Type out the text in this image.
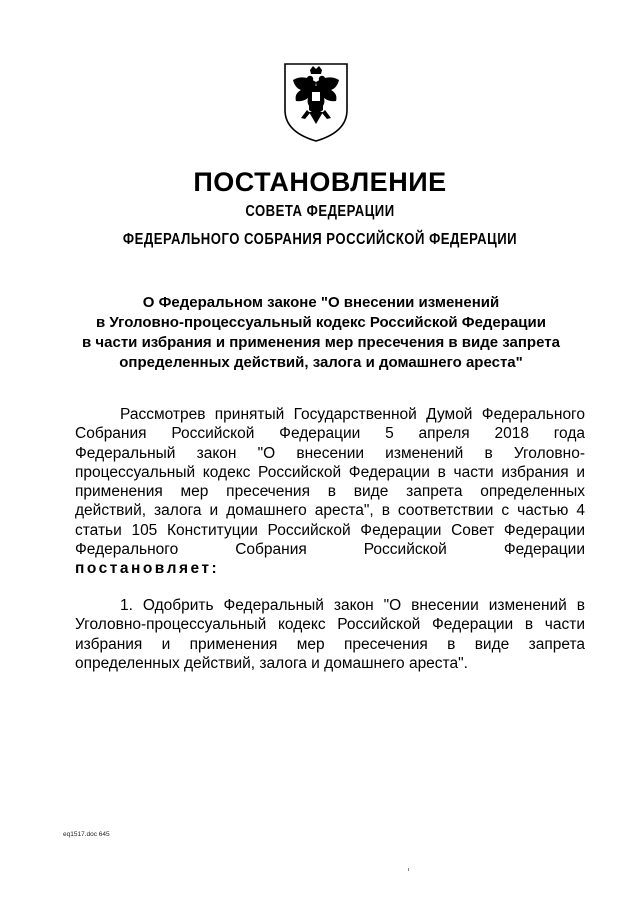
ПОСТАНОВЛЕНИЕ
СОВЕТА ФЕДЕРАЦИИ
ФЕДЕРАЛЬНОГО СОБРАНИЯ РОССИЙСКОЙ ФЕДЕРАЦИИ
О Федеральном законе "О внесении изменений
в Уголовно-процессуальный кодекс Российской Федерации
в части избрания и применения мер пресечения в виде запрета
определенных действий, залога и домашнего ареста"
Рассмотрев принятый Государственной Думой Федерального
Собрания Российской Федерации 5 апреля 2018 года
Федеральный закон "О внесении изменений в Уголовно-
процессуальный кодекс Российской Федерации в части избрания и
применения мер пресечения в виде запрета определенных
действий, залога и домашнего ареста", в соответствии с частью 4
статьи 105 Конституции Российской Федерации Совет Федерации
Федерального Собрания Российской Федерации
постановляет:
1. Одобрить Федеральный закон "О внесении изменений в
Уголовно-процессуальный кодекс Российской Федерации в части
избрания и применения мер пресечения в виде запрета
определенных действий, залога и домашнего ареста".
eq1517.doc 645
